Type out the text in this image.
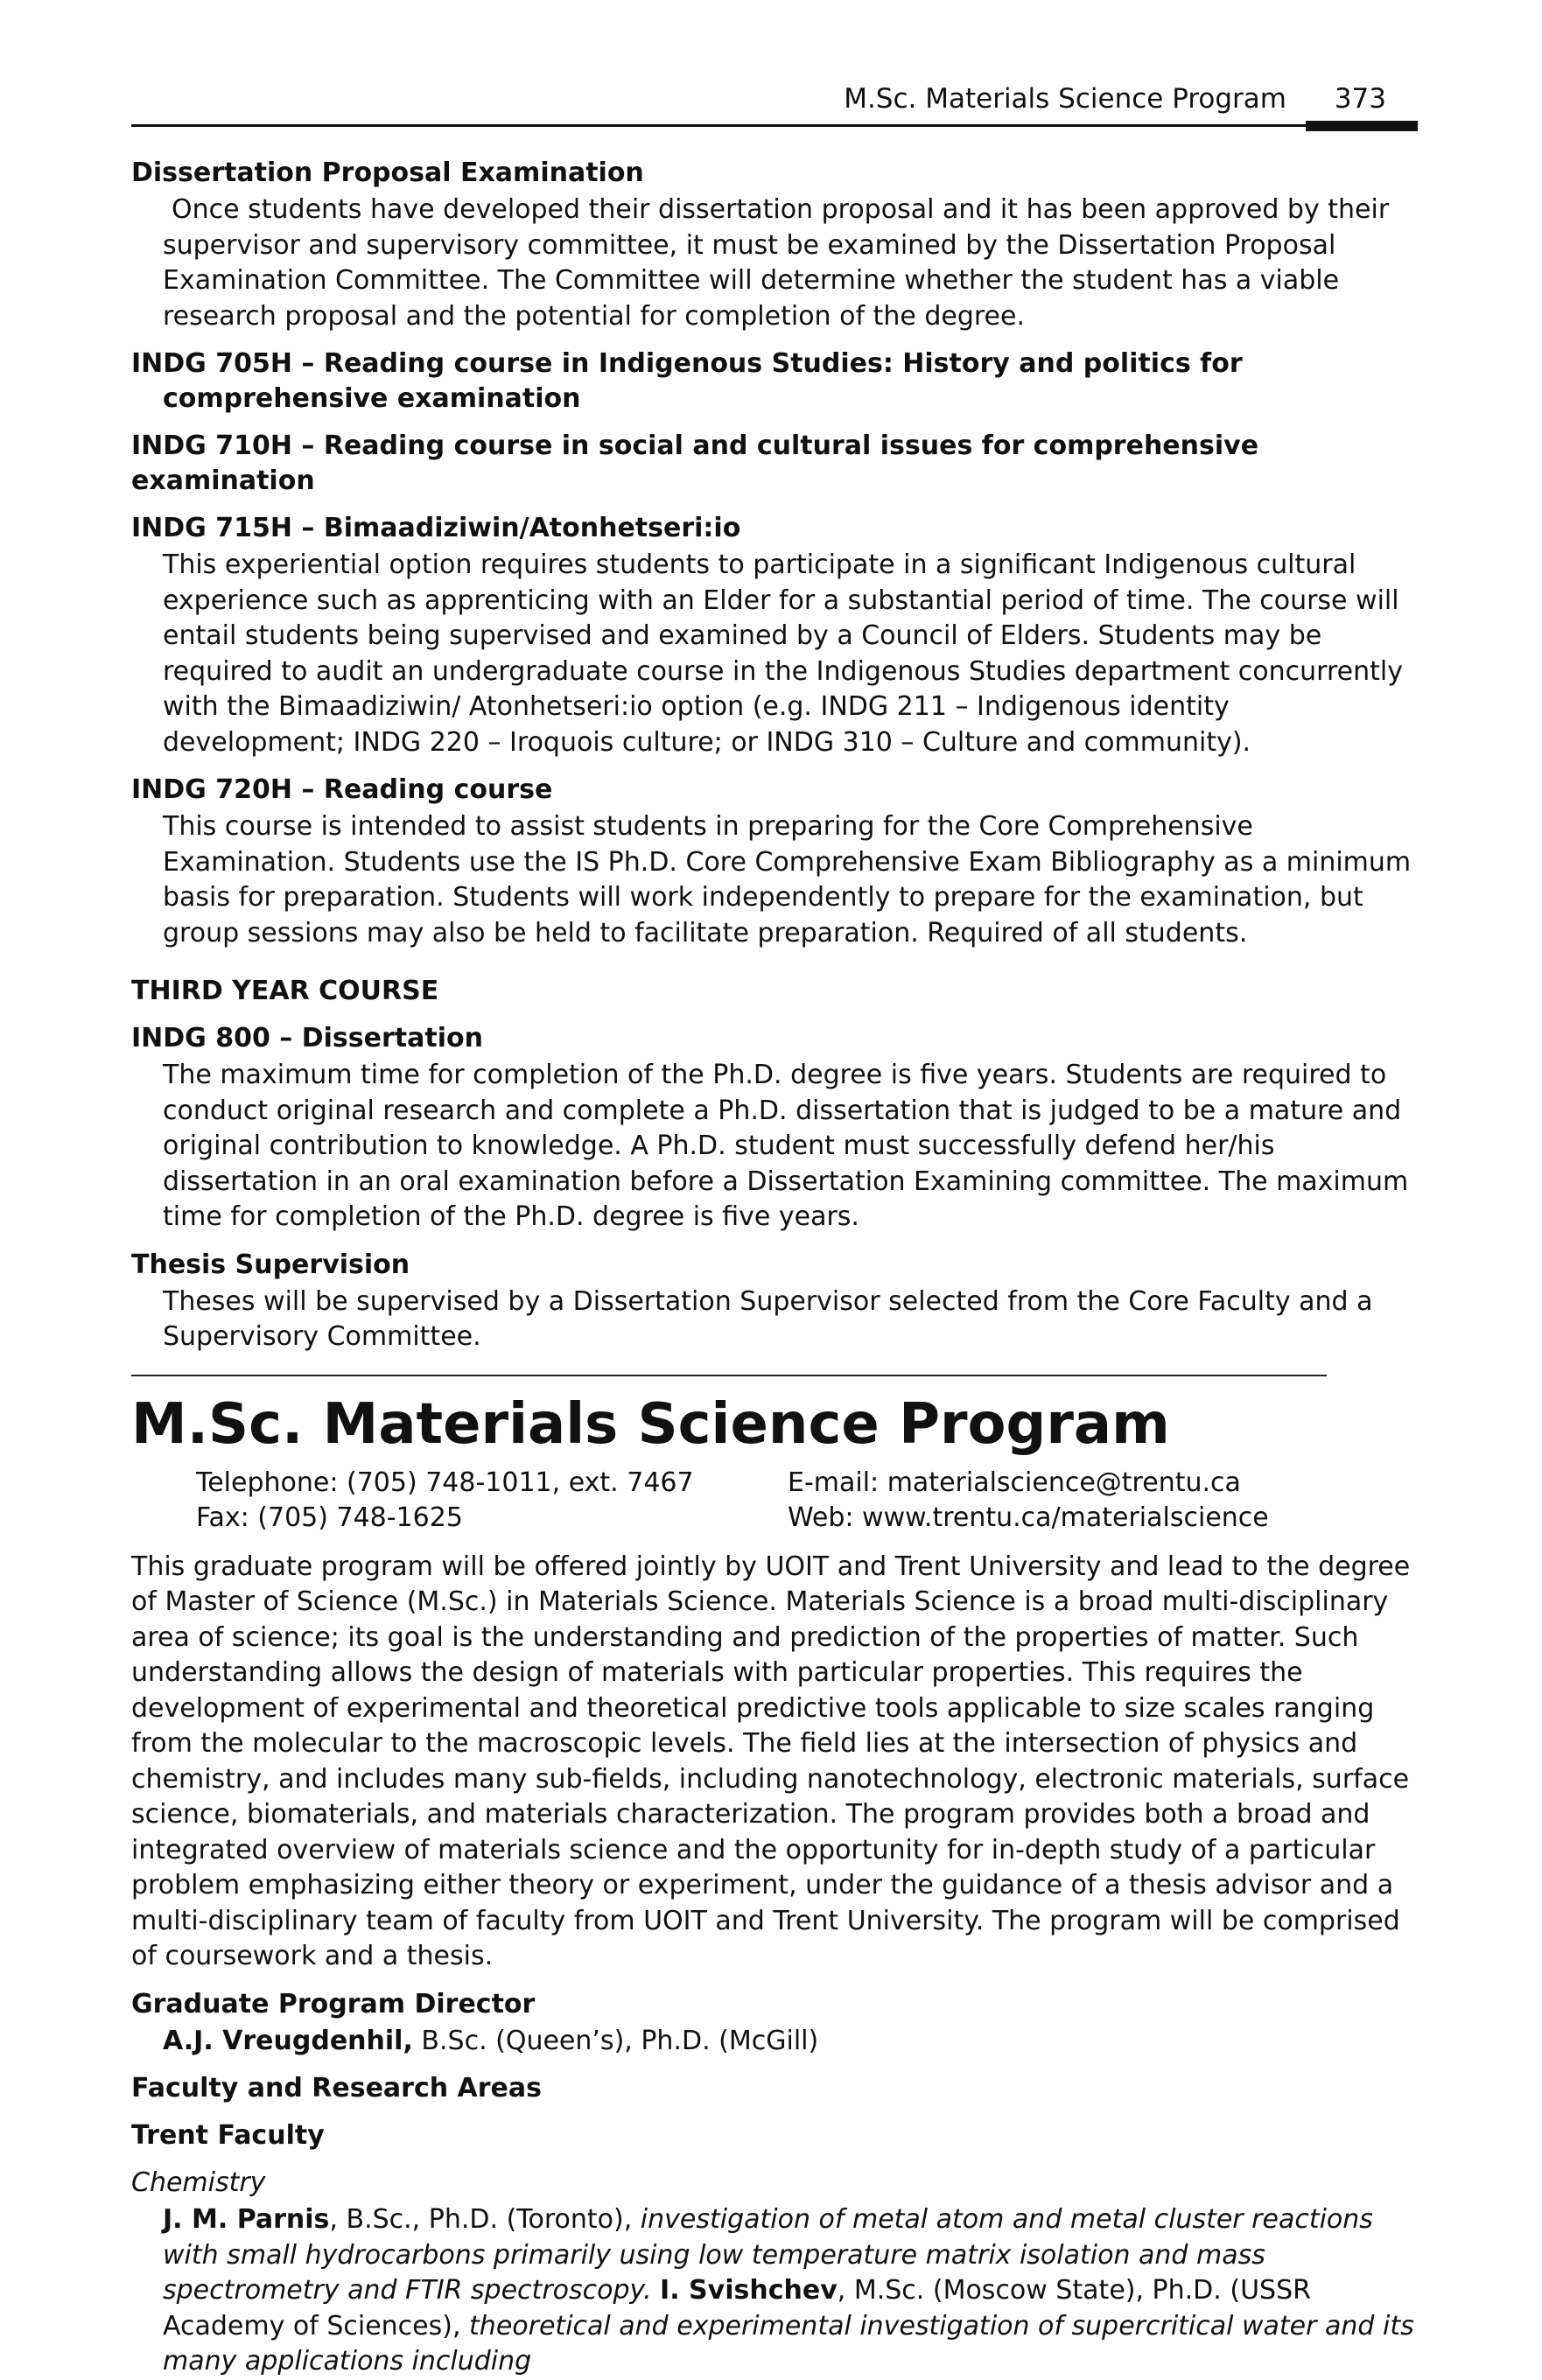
M.Sc. Materials Science Program 373

Dissertation Proposal Examination

Once students have developed their dissertation proposal and it has been approved by their supervisor and supervisory committee, it must be examined by the Dissertation Proposal Examination Committee. The Committee will determine whether the student has a viable research proposal and the potential for completion of the degree.

INDG 705H – Reading course in Indigenous Studies: History and politics for comprehensive examination

INDG 710H – Reading course in social and cultural issues for comprehensive examination

INDG 715H – Bimaadiziwin/Atonhetseri:io

This experiential option requires students to participate in a significant Indigenous cultural experience such as apprenticing with an Elder for a substantial period of time. The course will entail students being supervised and examined by a Council of Elders. Students may be required to audit an undergraduate course in the Indigenous Studies department concurrently with the Bimaadiziwin/ Atonhetseri:io option (e.g. INDG 211 – Indigenous identity development; INDG 220 – Iroquois culture; or INDG 310 – Culture and community).

INDG 720H – Reading course

This course is intended to assist students in preparing for the Core Comprehensive Examination. Students use the IS Ph.D. Core Comprehensive Exam Bibliography as a minimum basis for preparation. Students will work independently to prepare for the examination, but group sessions may also be held to facilitate preparation. Required of all students.

THIRD YEAR COURSE

INDG 800 – Dissertation

The maximum time for completion of the Ph.D. degree is five years. Students are required to conduct original research and complete a Ph.D. dissertation that is judged to be a mature and original contribution to knowledge. A Ph.D. student must successfully defend her/his dissertation in an oral examination before a Dissertation Examining committee. The maximum time for completion of the Ph.D. degree is five years.

Thesis Supervision

Theses will be supervised by a Dissertation Supervisor selected from the Core Faculty and a Supervisory Committee.

M.Sc. Materials Science Program
Telephone: (705) 748-1011, ext. 7467	E-mail: materialscience@trentu.ca
Fax: (705) 748-1625	Web: www.trentu.ca/materialscience

This graduate program will be offered jointly by UOIT and Trent University and lead to the degree of Master of Science (M.Sc.) in Materials Science. Materials Science is a broad multi-disciplinary area of science; its goal is the understanding and prediction of the properties of matter. Such understanding allows the design of materials with particular properties. This requires the development of experimental and theoretical predictive tools applicable to size scales ranging from the molecular to the macroscopic levels. The field lies at the intersection of physics and chemistry, and includes many sub-fields, including nanotechnology, electronic materials, surface science, biomaterials, and materials characterization. The program provides both a broad and integrated overview of materials science and the opportunity for in-depth study of a particular problem emphasizing either theory or experiment, under the guidance of a thesis advisor and a multi-disciplinary team of faculty from UOIT and Trent University. The program will be comprised of coursework and a thesis.

Graduate Program Director

A.J. Vreugdenhil, B.Sc. (Queen’s), Ph.D. (McGill)

Faculty and Research Areas

Trent Faculty

Chemistry

J. M. Parnis, B.Sc., Ph.D. (Toronto), investigation of metal atom and metal cluster reactions with small hydrocarbons primarily using low temperature matrix isolation and mass spectrometry and FTIR spectroscopy. I. Svishchev, M.Sc. (Moscow State), Ph.D. (USSR Academy of Sciences), theoretical and experimental investigation of supercritical water and its many applications including
